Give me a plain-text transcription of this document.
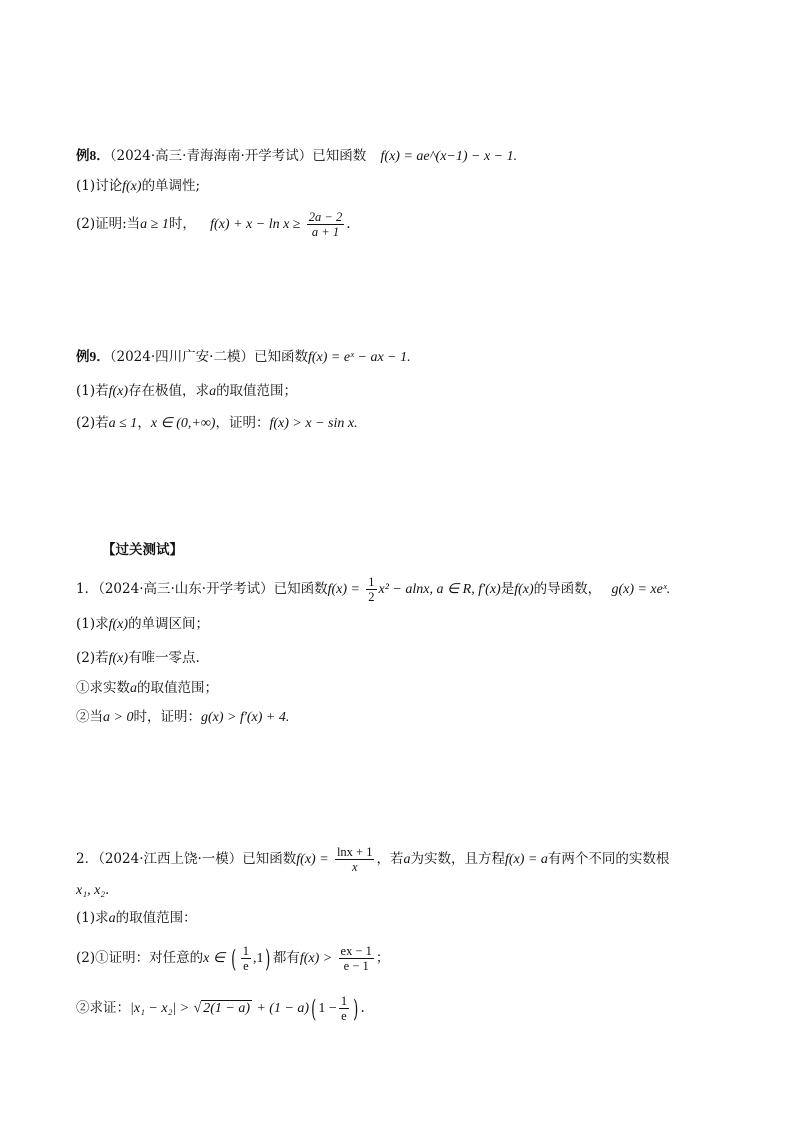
例8．（2024·高三·青海海南·开学考试）已知函数 f(x) = ae^(x−1) − x − 1.
(1)讨论f(x)的单调性;
(2)证明:当a ≥ 1时， $f(x) + x - \ln x \ge \frac{2a - 2}{a + 1}$ .
例9．（2024·四川广安·二模）已知函数f(x) = eˣ − ax − 1.
(1)若f(x)存在极值，求a的取值范围；
(2)若a ≤ 1，x ∈ (0,+∞)，证明：f(x) > x − sin x.
【过关测试】
1．（2024·高三·山东·开学考试）已知函数$f(x) = \frac{1}{2} x^2 - alnx$, a ∈ R, f′(x)是f(x)的导函数， g(x) = xeˣ.
(1)求f(x)的单调区间；
(2)若f(x)有唯一零点.
①求实数a的取值范围；
②当a > 0时，证明：g(x) > f′(x) + 4.
2．（2024·江西上饶·一模）已知函数$f(x) = \frac{\ln x + 1}{x}$ ，若a为实数，且方程f(x) = a有两个不同的实数根
x₁, x₂．
(1)求a的取值范围：
(2)①证明：对任意的x ∈ ( $\frac{1}{e} ,1$) 都有$f(x) > \frac{ex - 1}{e - 1}$ ；
②求证：|x₁ − x₂| > √ 2(1 − a) + (1 − a)( $1 - \frac{1}{e}$ ) .
